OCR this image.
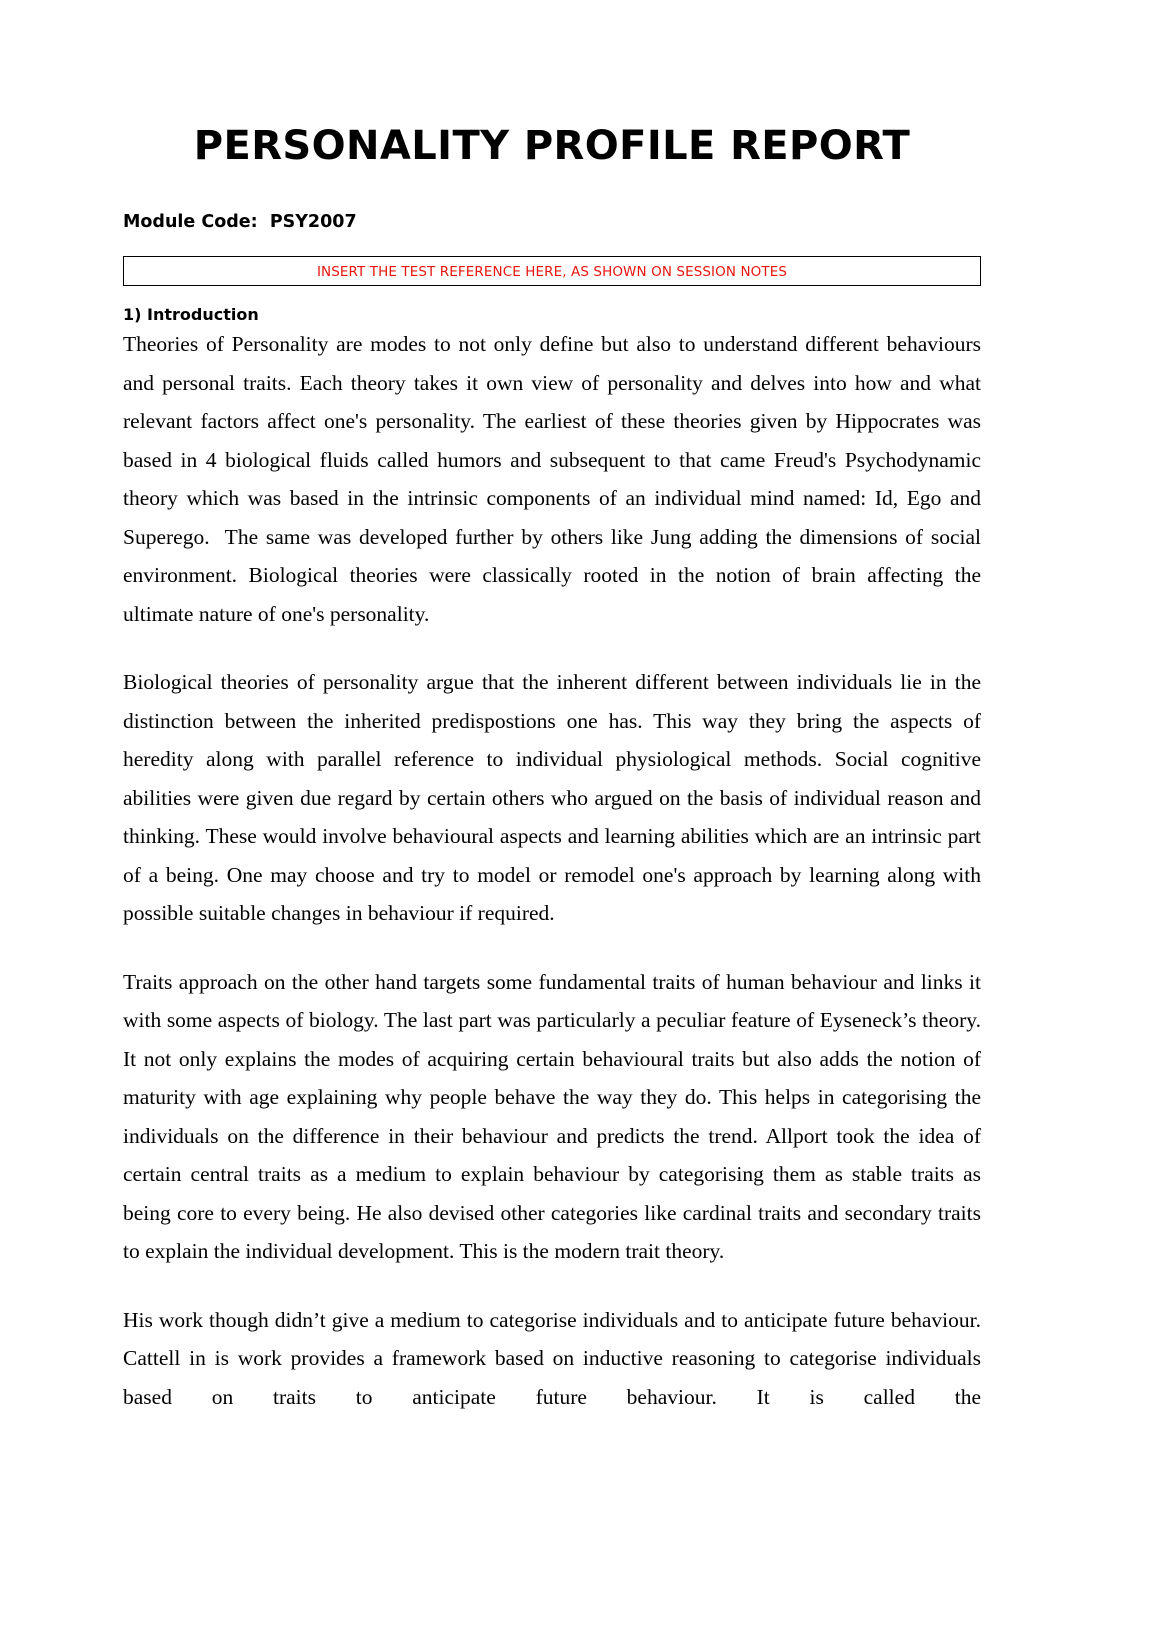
PERSONALITY PROFILE REPORT
Module Code:  PSY2007
INSERT THE TEST REFERENCE HERE, AS SHOWN ON SESSION NOTES
1) Introduction

Theories of Personality are modes to not only define but also to understand different behaviours and personal traits. Each theory takes it own view of personality and delves into how and what relevant factors affect one's personality. The earliest of these theories given by Hippocrates was based in 4 biological fluids called humors and subsequent to that came Freud's Psychodynamic theory which was based in the intrinsic components of an individual mind named: Id, Ego and Superego.  The same was developed further by others like Jung adding the dimensions of social environment. Biological theories were classically rooted in the notion of brain affecting the ultimate nature of one's personality.

Biological theories of personality argue that the inherent different between individuals lie in the distinction between the inherited predispostions one has. This way they bring the aspects of heredity along with parallel reference to individual physiological methods. Social cognitive abilities were given due regard by certain others who argued on the basis of individual reason and thinking. These would involve behavioural aspects and learning abilities which are an intrinsic part of a being. One may choose and try to model or remodel one's approach by learning along with possible suitable changes in behaviour if required.

Traits approach on the other hand targets some fundamental traits of human behaviour and links it with some aspects of biology. The last part was particularly a peculiar feature of Eyseneck’s theory. It not only explains the modes of acquiring certain behavioural traits but also adds the notion of maturity with age explaining why people behave the way they do. This helps in categorising the individuals on the difference in their behaviour and predicts the trend. Allport took the idea of certain central traits as a medium to explain behaviour by categorising them as stable traits as  being core to every being. He also devised other categories like cardinal traits and secondary traits to explain the individual development. This is the modern trait theory.

His work though didn’t give a medium to categorise individuals and to anticipate future behaviour. Cattell in is work provides a framework based on inductive reasoning to categorise individuals based on traits to anticipate future behaviour. It is called the
